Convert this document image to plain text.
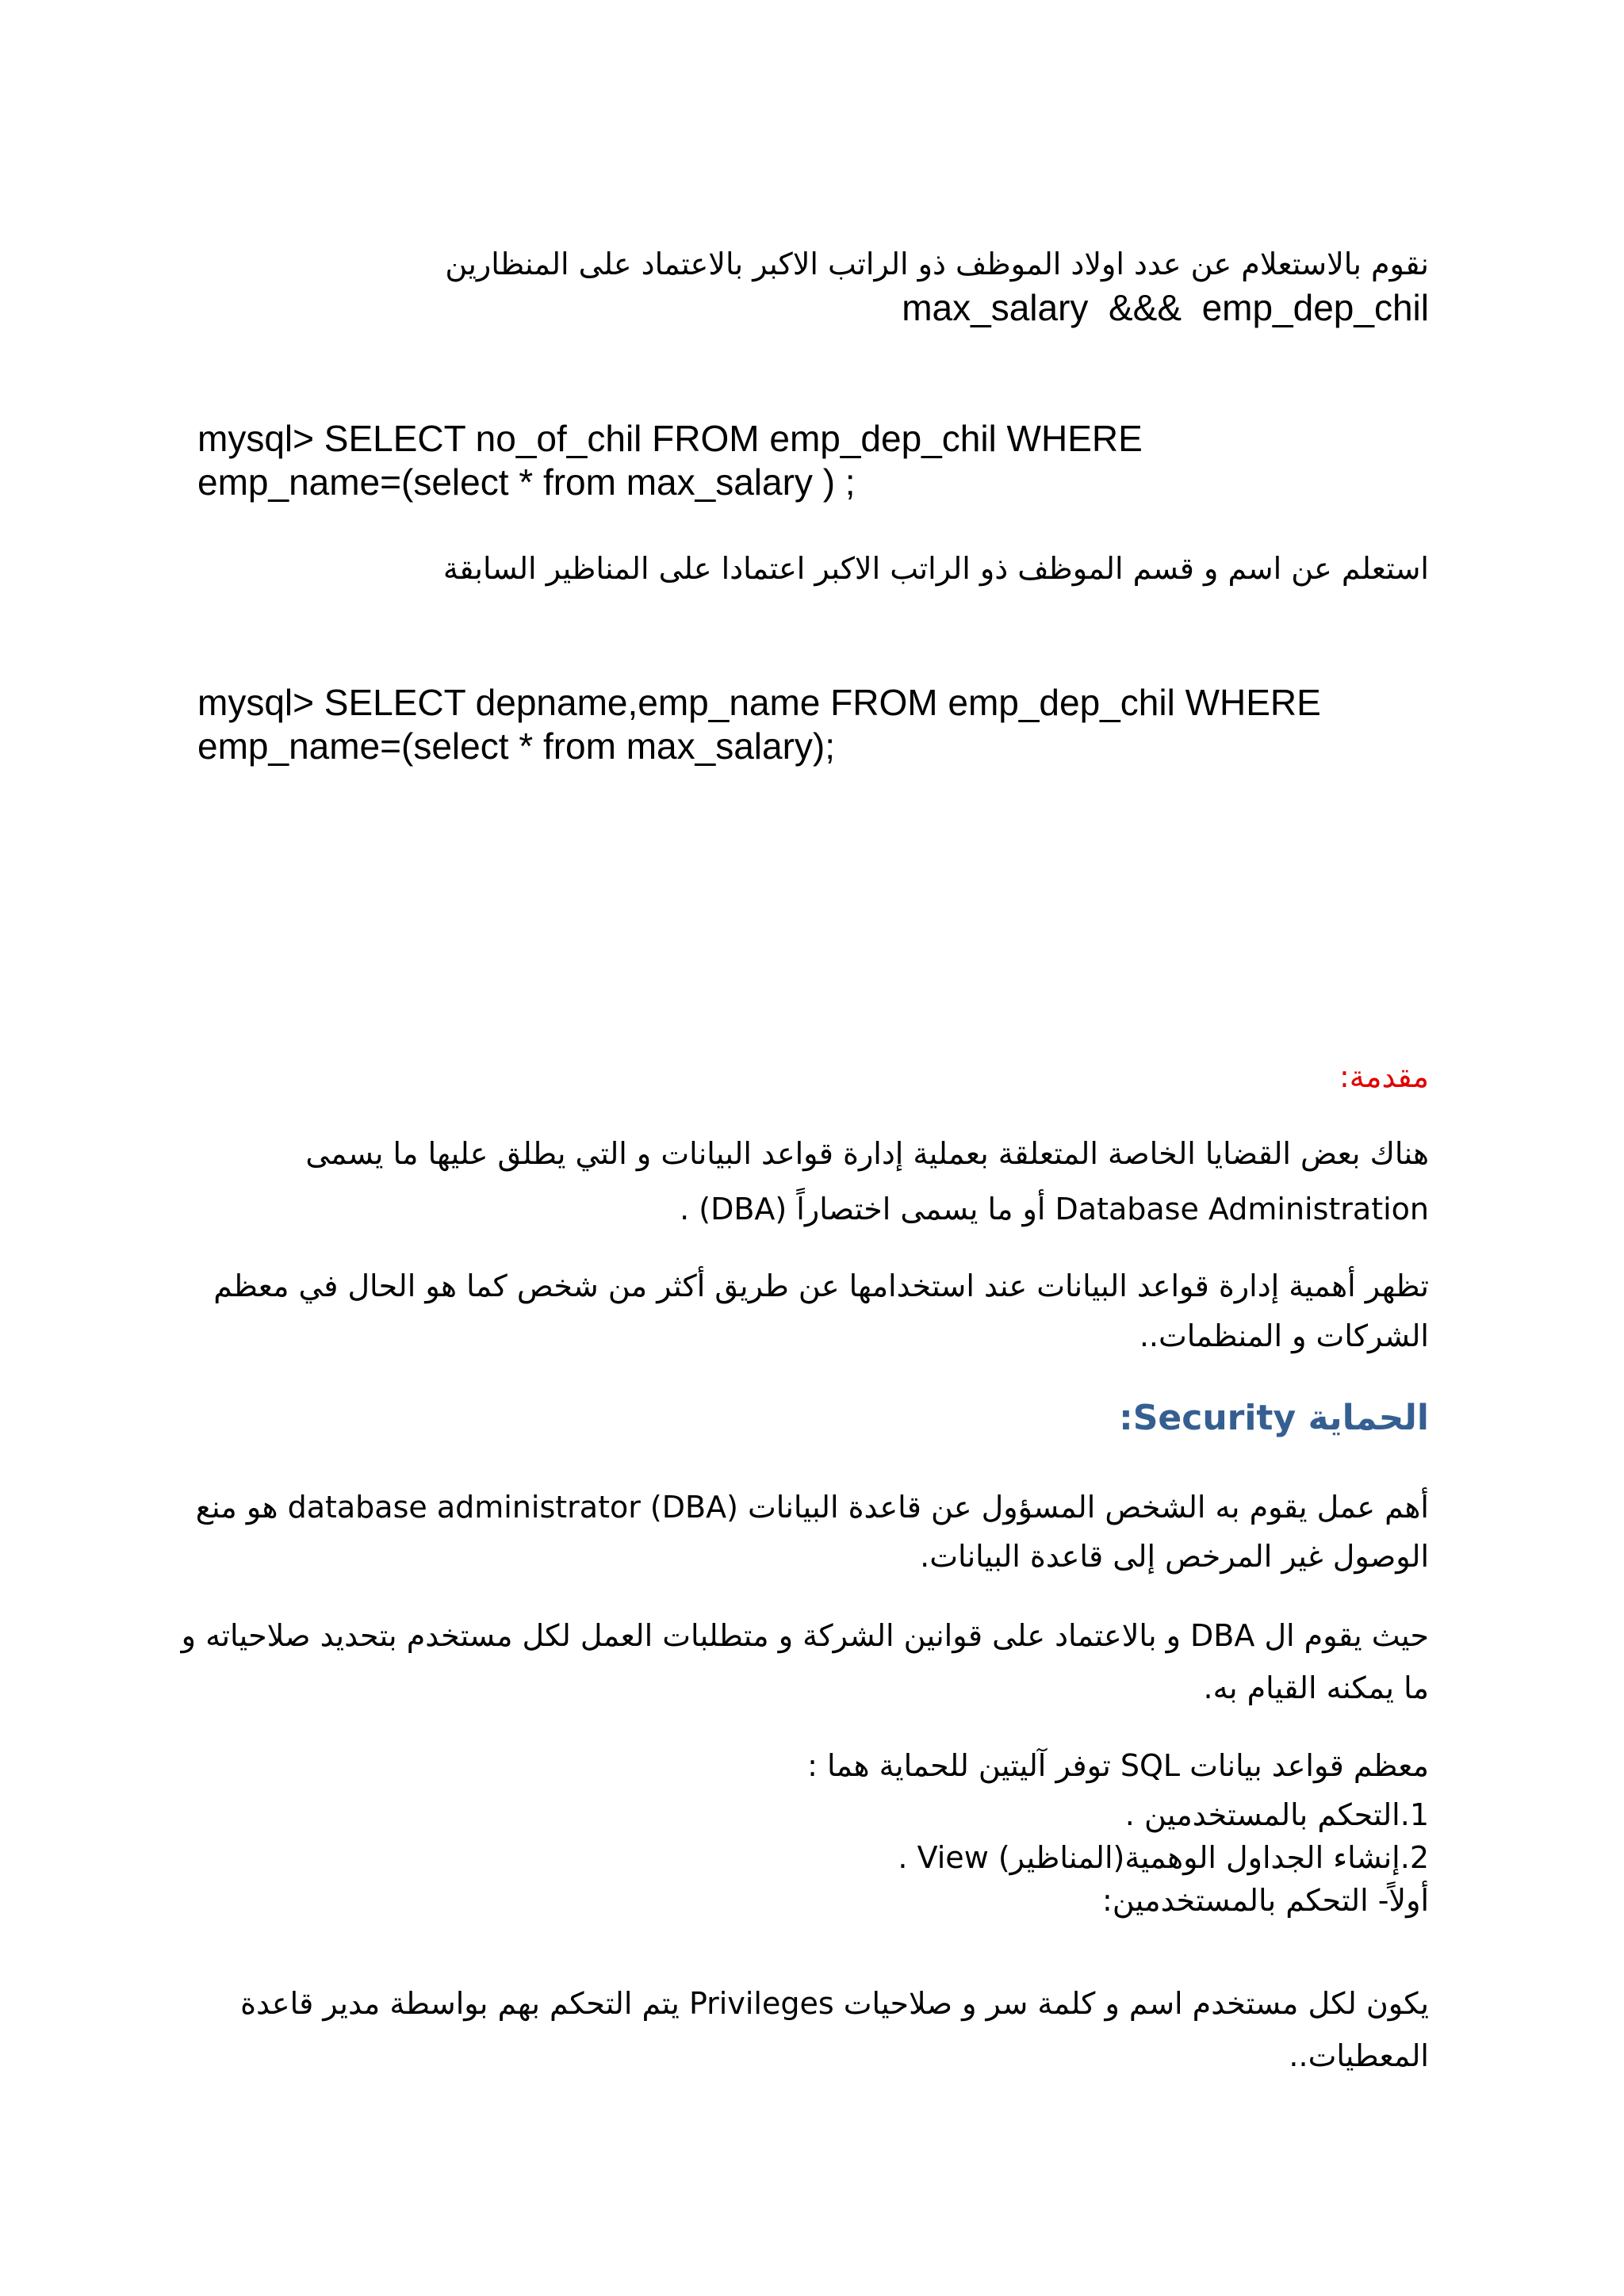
نقوم بالاستعلام عن عدد اولاد الموظف ذو الراتب الاكبر بالاعتماد على المنظارين
max_salary  &&&  emp_dep_chil
mysql> SELECT no_of_chil FROM emp_dep_chil WHERE
emp_name=(select * from max_salary ) ;
استعلم عن اسم و قسم الموظف ذو الراتب الاكبر اعتمادا على المناظير السابقة
mysql> SELECT depname,emp_name FROM emp_dep_chil WHERE
emp_name=(select * from max_salary);
مقدمة:
هناك بعض القضايا الخاصة المتعلقة بعملية إدارة قواعد البيانات و التي يطلق عليها ما يسمى
Database Administration أو ما يسمى اختصاراً (DBA) .
تظهر أهمية إدارة قواعد البيانات عند استخدامها عن طريق أكثر من شخص كما هو الحال في معظم
الشركات و المنظمات..
الحماية Security:
أهم عمل يقوم به الشخص المسؤول عن قاعدة البيانات database administrator (DBA) هو منع
الوصول غير المرخص إلى قاعدة البيانات.
حيث يقوم ال DBA و بالاعتماد على قوانين الشركة و متطلبات العمل لكل مستخدم بتحديد صلاحياته و
ما يمكنه القيام به.
معظم قواعد بيانات SQL توفر آليتين للحماية هما :
1.التحكم بالمستخدمين .
2.إنشاء الجداول الوهمية(المناظير) View .
أولاً- التحكم بالمستخدمين:
يكون لكل مستخدم اسم و كلمة سر و صلاحيات Privileges يتم التحكم بهم بواسطة مدير قاعدة
المعطيات..
